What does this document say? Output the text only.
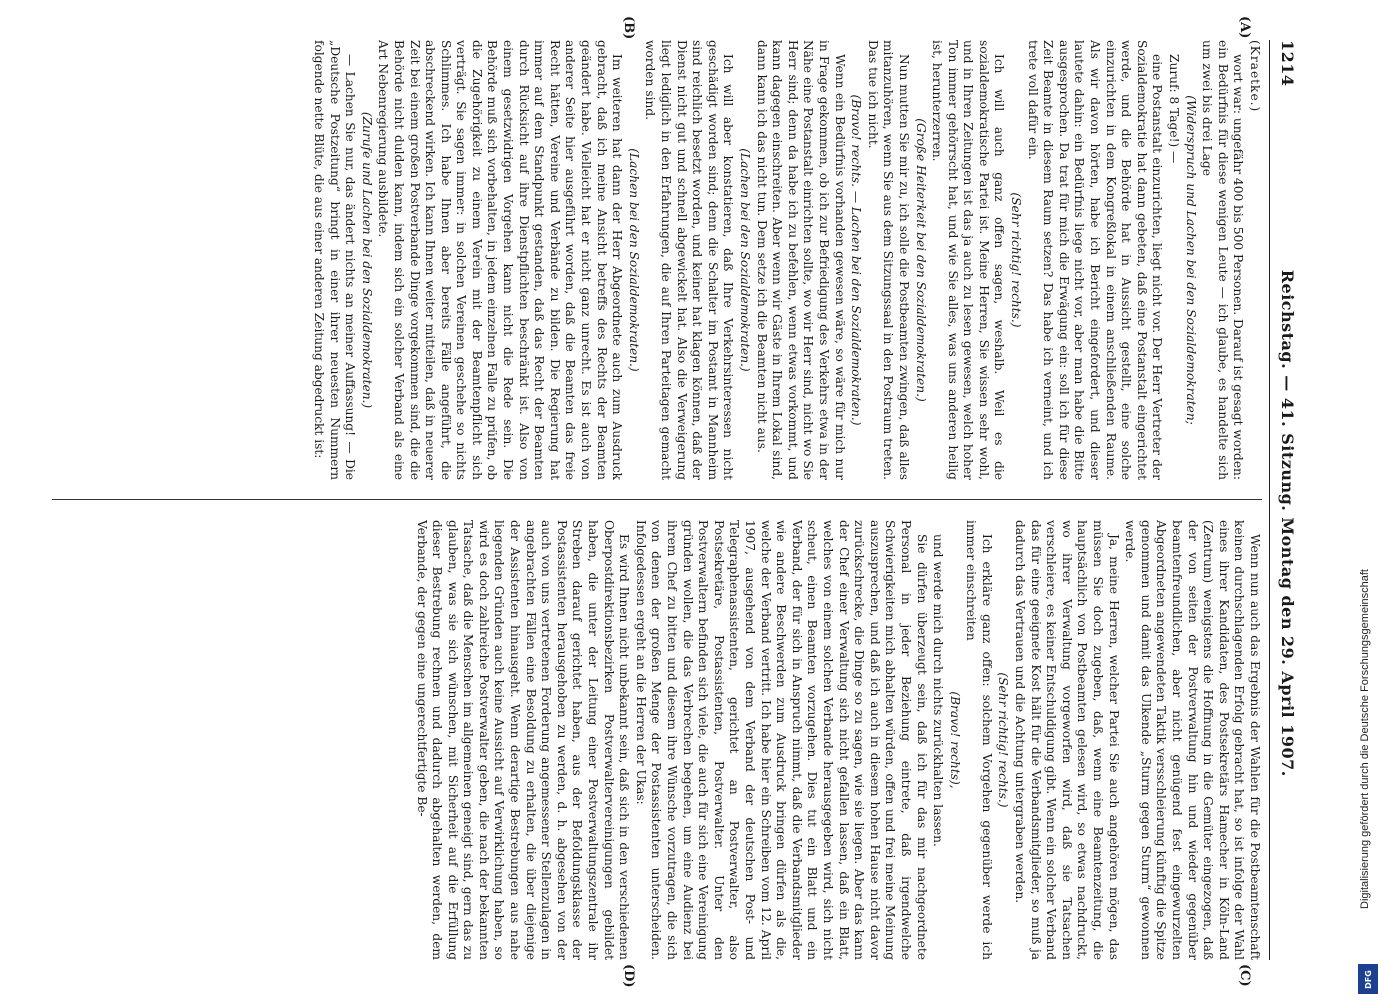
1214
Reichstag. — 41. Sitzung. Montag den 29. April 1907.
(A)
(B)
(C)
(D)

(Kraetke.)

wort war: ungefähr 400 bis 500 Personen. Darauf ist gesagt worden: ein Bedürfnis für diese wenigen Leute — ich glaube, es handelte sich um zwei bis drei Lage

(Widerspruch und Lachen bei den Sozialdemokraten;

Zuruf: 8 Tage!) —

eine Postanstalt einzurichten, liegt nicht vor. Der Herr Vertreter der Sozialdemokratie hat dann gebeten, daß eine Postanstalt eingerichtet werde, und die Behörde hat in Aussicht gestellt, eine solche einzurichten in dem Kongreßlokal in einem anschließenden Raume. Als wir davon hörten, habe ich Bericht eingefordert, und dieser lautete dahin: ein Bedürfnis liege nicht vor, aber man habe die Bitte ausgesprochen. Da trat für mich die Erwägung ein: soll ich für diese Zeit Beamte in diesem Raum setzen? Das habe ich verneint, und ich trete voll dafür ein.

(Sehr richtig! rechts.)

Ich will auch ganz offen sagen, weshalb. Weil es die sozialdemokratische Partei ist. Meine Herren, Sie wissen sehr wohl, und in Ihren Zeitungen ist das ja auch zu lesen gewesen, welch hoher Ton immer gehörrscht hat, und wie Sie alles, was uns anderen heilig ist, herunterzerren.

(Große Heiterkeit bei den Sozialdemokraten.)

Nun mutten Sie mir zu, ich solle die Postbeamten zwingen, daß alles mitanzuhören, wenn Sie aus dem Sitzungssaal in den Postraum treten. Das tue ich nicht.

(Bravo! rechts. — Lachen bei den Sozialdemokraten.)

Wenn ein Bedürfnis vorhanden gewesen wäre, so wäre für mich nur in Frage gekommen, ob ich zur Befriedigung des Verkehrs etwa in der Nähe eine Postanstalt einrichten sollte, wo wir Herr sind, nicht wo Sie Herr sind; denn da habe ich zu befehlen, wenn etwas vorkommt, und kann dagegen einschreiten. Aber wenn wir Gäste in Ihrem Lokal sind, dann kann ich das nicht tun. Dem setze ich die Beamten nicht aus.

(Lachen bei den Sozialdemokraten.)

Ich will aber konstatieren, daß Ihre Verkehrsinteressen nicht geschädigt worden sind; denn die Schalter im Postamt in Mannheim sind reichlich besetzt worden, und keiner hat klagen können, daß der Dienst nicht gut und schnell abgewickelt hat. Also die Verweigerung liegt lediglich in den Erfahrungen, die auf Ihren Parteitagen gemacht worden sind.

(Lachen bei den Sozialdemokraten.)

Im weiteren hat dann der Herr Abgeordnete auch zum Ausdruck gebracht, daß ich meine Ansicht betreffs des Rechts der Beamten geändert habe. Vielleicht hat er nicht ganz unrecht. Es ist auch von anderer Seite hier ausgeführt worden, daß die Beamten das freie Recht hätten, Vereine und Verbände zu bilden. Die Regierung hat immer auf dem Standpunkt gestanden, daß das Recht der Beamten durch Rücksicht auf ihre Dienstpflichten beschränkt ist. Also von einem gesetzwidrigen Vorgehen kann nicht die Rede sein. Die Behörde muß sich vorbehalten, in jedem einzelnen Falle zu prüfen, ob die Zugehörigkeit zu einem Verein mit der Beamtenpflicht sich verträgt. Sie sagen immer: in solchen Vereinen geschehe so nichts Schlimmes. Ich habe Ihnen aber bereits Fälle angeführt, die abschreckend wirken. Ich kann Ihnen weiter mitteilen, daß in neuerer Zeit bei einem großen Postverbande Dinge vorgekommen sind, die die Behörde nicht dulden kann, indem sich ein solcher Verband als eine Art Nebenregierung ausbildete.

(Zurufe und Lachen bei den Sozialdemokraten.)

— Lachen Sie nur, das ändert nichts an meiner Auffassung! — Die „Deutsche Postzeitung“ bringt in einer ihrer neuesten Nummern folgende nette Blüte, die aus einer anderen Zeitung abgedruckt ist:

Wenn nun auch das Ergebnis der Wahlen für die Postbeamtenschaft keinen durchschlagenden Erfolg gebracht hat, so ist infolge der Wahl eines ihrer Kandidaten, des Postsekretärs Hamecher in Köln-Land (Zentrum) wenigstens die Hoffnung in die Gemüter eingezogen, daß der von seiten der Postverwaltung hin und wieder gegenüber beamtenfreundlichen, aber nicht genügend fest eingewurzelten Abgeordneten angewendeten Taktik versschleierung künftig die Spitze genommen und damit das Ulkende „Sturm gegen Sturm“ gewonnen werde.

Ja, meine Herren, welcher Partei Sie auch angehören mögen, das müssen Sie doch zugeben, daß, wenn eine Beamtenzeitung, die hauptsächlich von Postbeamten gelesen wird, so etwas nachdruckt, wo ihrer Verwaltung vorgeworfen wird, daß sie Tatsachen verschleiere, es keiner Entschuldigung gibt. Wenn ein solcher Verband das für eine geeignete Kost hält für die Verbandsmitglieder, so muß ja dadurch das Vertrauen und die Achtung untergraben werden.

(Sehr richtig! rechts.)

Ich erkläre ganz offen: solchem Vorgehen gegenüber werde ich immer einschreiten

(Bravo! rechts),

und werde mich durch nichts zurückhalten lassen.

Sie dürfen überzeugt sein, daß ich für das mir nachgeordnete Personal in jeder Beziehung eintrete, daß irgendwelche Schwierigkeiten mich abhalten würden, offen und frei meine Meinung auszusprechen, und daß ich auch in diesem hohen Hause nicht davor zurückschrecke, die Dinge so zu sagen, wie sie liegen. Aber das kann der Chef einer Verwaltung sich nicht gefallen lassen, daß ein Blatt, welches von einem solchen Verbande herausgegeben wird, sich nicht scheut, einen Beamten vorzugehen. Dies tut ein Blatt und ein Verband, der für sich in Anspruch nimmt, daß die Verbandsmitglieder wie andere Beschwerden zum Ausdruck bringen dürfen als die, welche der Verband vertritt. Ich habe hier ein Schreiben vom 12. April 1907, ausgehend von dem Verband der deutschen Post- und Telegraphenassistenten, gerichtet an Postverwalter, also Postsekretäre, Postassistenten, Postverwalter. Unter den Postverwaltern befinden sich viele, die auch für sich eine Vereinigung gründen wollen, die das Verbrechen begehen, um eine Audienz bei ihrem Chef zu bitten und diesem ihre Wünsche vorzutragen, die sich von denen der großen Menge der Postassistenten unterscheiden. Infolgedessen ergeht an die Herren der Ukas:

Es wird Ihnen nicht unbekannt sein, daß sich in den verschiedenen Oberpostdirektionsbezirken Postverwaltervereinigungen gebildet haben, die unter der Leitung einer Postverwaltungszentrale ihr Streben darauf gerichtet haben, aus der Befoldungsklasse der Postassistenten herausgehoben zu werden, d. h. abgesehen von der auch von uns vertretenen Forderung angemessener Stellenzulagen in angebrachten Fällen eine Besoldung zu erhalten, die über diejenige der Assistenten hinausgeht. Wenn derartige Bestrebungen aus nahe liegenden Gründen auch keine Aussicht auf Verwirklichung haben, so wird es doch zahlreiche Postverwalter geben, die nach der bekannten Tatsache, daß die Menschen im allgemeinen geneigt sind, gern das zu glauben, was sie sich wünschen, mit Sicherheit auf die Erfüllung dieser Bestrebung rechnen und dadurch abgehalten werden, dem Verbande, der gegen eine ungerechtfertigte Be-	Digitalisierung gefördert durch die Deutsche Forschungsgemeinschaft
DFG
